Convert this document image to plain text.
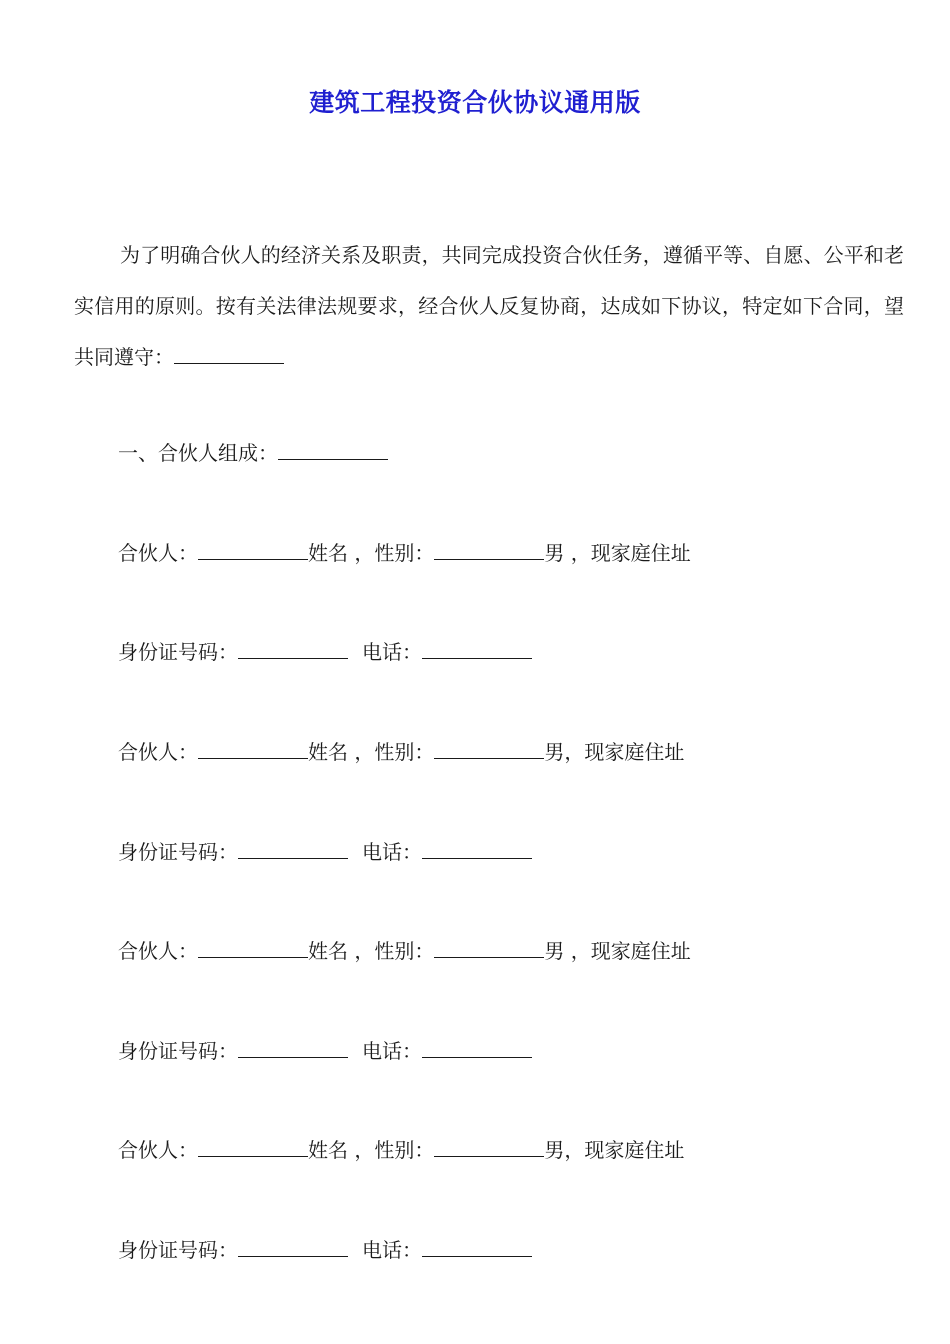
建筑工程投资合伙协议通用版
为了明确合伙人的经济关系及职责，共同完成投资合伙任务，遵循平等、自愿、公平和老实信用的原则。按有关法律法规要求，经合伙人反复协商，达成如下协议，特定如下合同，望共同遵守：
一、合伙人组成：
合伙人：	姓名 ，性别：	男 ，现家庭住址
身份证号码：	电话：
合伙人：	姓名 ，性别：	男，现家庭住址
身份证号码：	电话：
合伙人：	姓名 ，性别：	男 ，现家庭住址
身份证号码：	电话：
合伙人：	姓名 ，性别：	男，现家庭住址
身份证号码：	电话：
